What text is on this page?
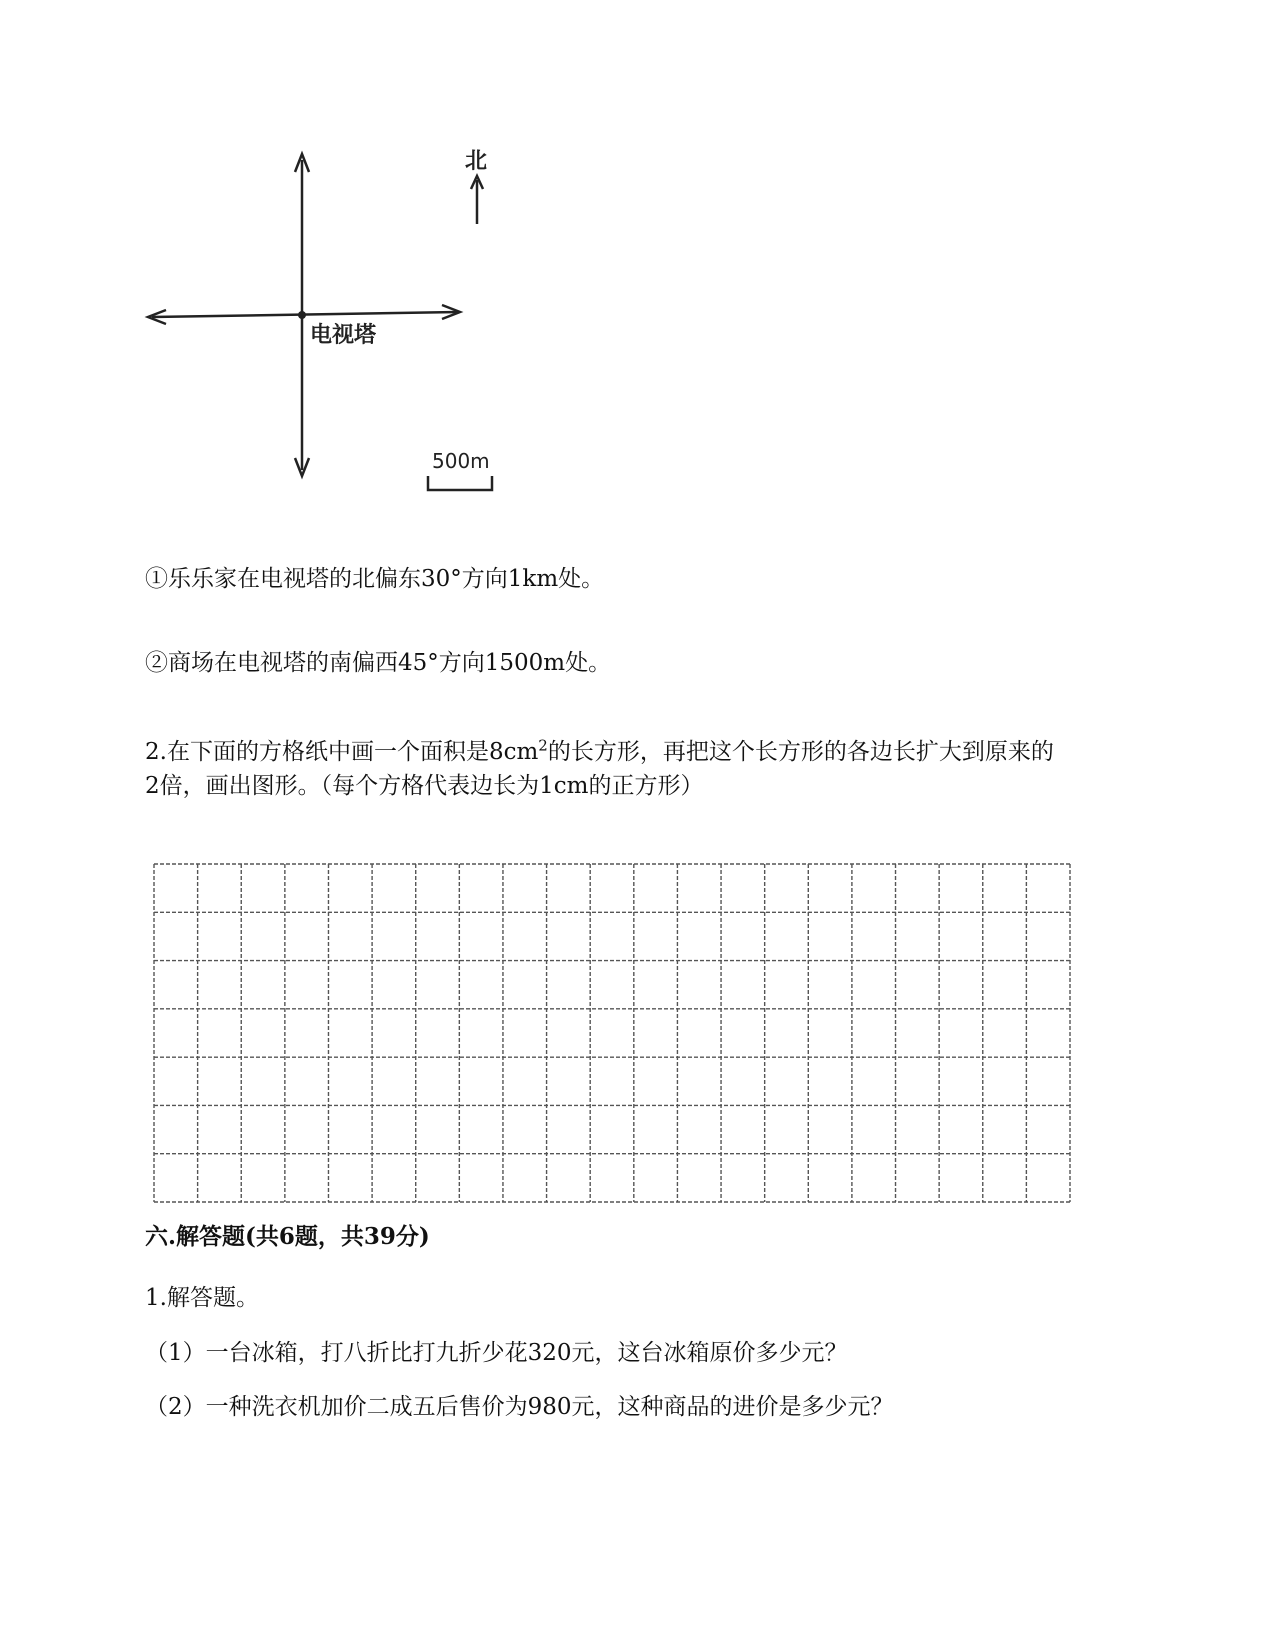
电视塔
北
500m
①乐乐家在电视塔的北偏东30°方向1km处。
②商场在电视塔的南偏西45°方向1500m处。
2.在下面的方格纸中画一个面积是$8cm^2$的长方形，再把这个长方形的各边长扩大到原来的
2倍，画出图形。（每个方格代表边长为1cm的正方形）
六.解答题(共6题，共39分)
1.解答题。
（1）一台冰箱，打八折比打九折少花320元，这台冰箱原价多少元？
（2）一种洗衣机加价二成五后售价为980元，这种商品的进价是多少元？
